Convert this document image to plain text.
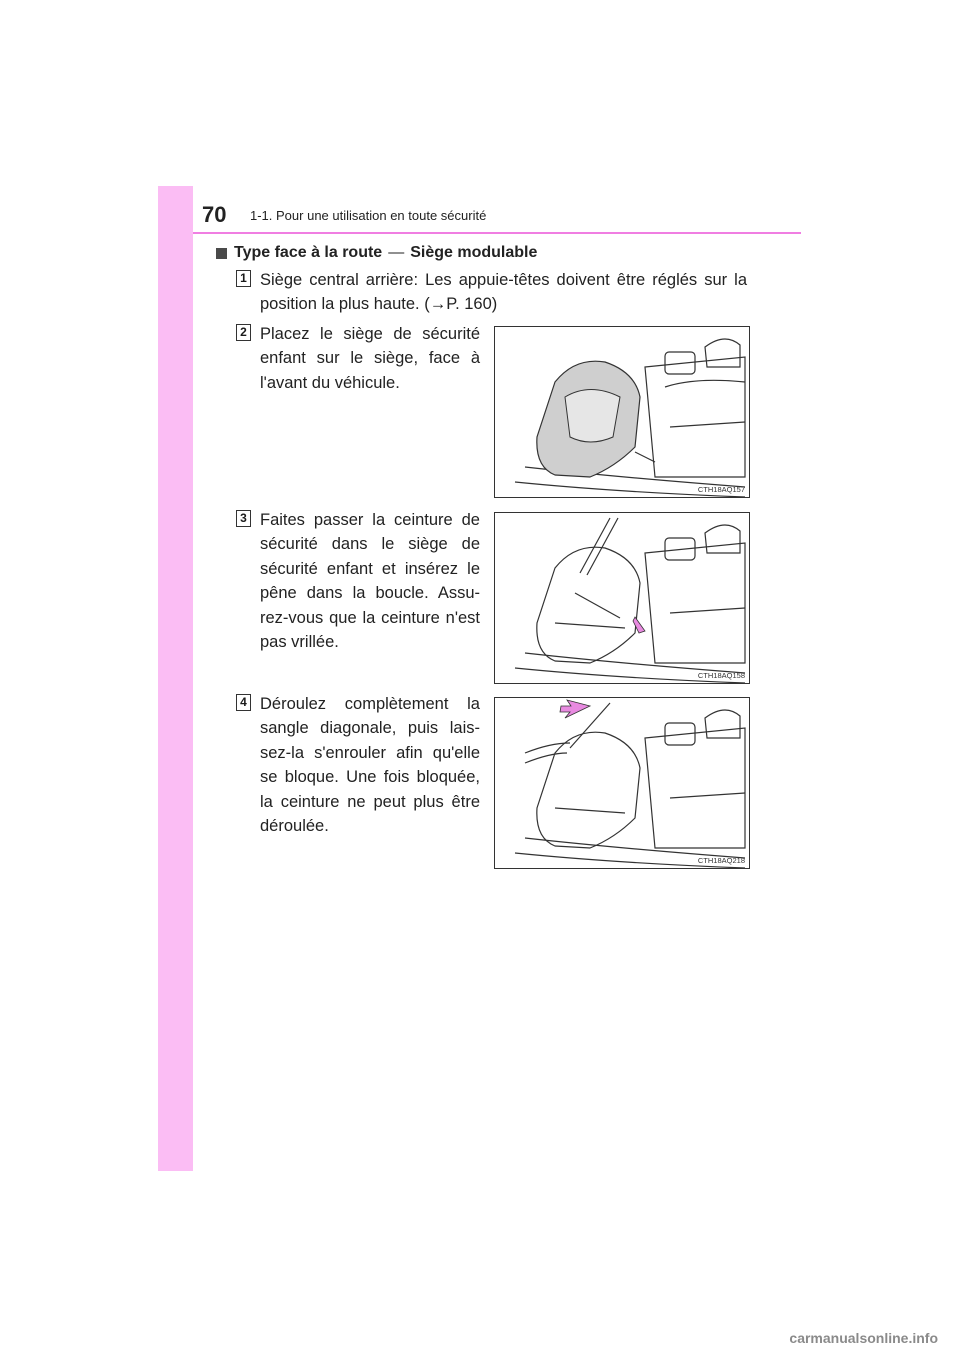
70 1-1. Pour une utilisation en toute sécurité
Type face à la route — Siège modulable
1 Siège central arrière: Les appuie-têtes doivent être réglés sur la position la plus haute. (→P. 160)
2 Placez le siège de sécurité enfant sur le siège, face à l'avant du véhicule.
CTH18AQ157
3 Faites passer la ceinture de sécurité dans le siège de sécurité enfant et insérez le pêne dans la boucle. Assu-rez-vous que la ceinture n'est pas vrillée.
CTH18AQ158
4 Déroulez complètement la sangle diagonale, puis lais-sez-la s'enrouler afin qu'elle se bloque. Une fois bloquée, la ceinture ne peut plus être déroulée.
CTH18AQ218
carmanualsonline.info
